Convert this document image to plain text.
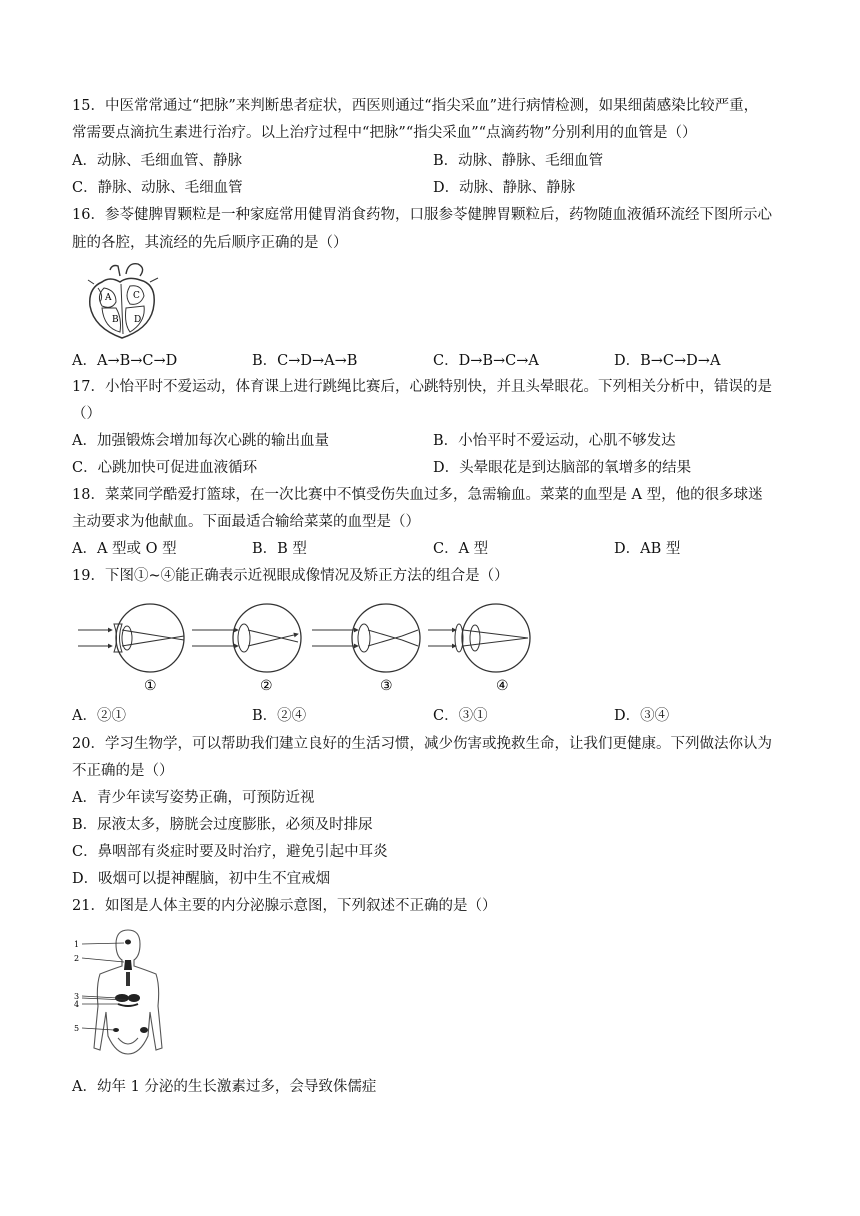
15．中医常常通过“把脉”来判断患者症状，西医则通过“指尖采血”进行病情检测，如果细菌感染比较严重，
常需要点滴抗生素进行治疗。以上治疗过程中“把脉”“指尖采血”“点滴药物”分别利用的血管是（）
A．动脉、毛细血管、静脉	B．动脉、静脉、毛细血管
C．静脉、动脉、毛细血管	D．动脉、静脉、静脉
16．参苓健脾胃颗粒是一种家庭常用健胃消食药物，口服参苓健脾胃颗粒后，药物随血液循环流经下图所示心
脏的各腔，其流经的先后顺序正确的是（）
A C
B D
A．A→B→C→D	B．C→D→A→B	C．D→B→C→A	D．B→C→D→A
17．小怡平时不爱运动，体育课上进行跳绳比赛后，心跳特别快，并且头晕眼花。下列相关分析中，错误的是
（）
A．加强锻炼会增加每次心跳的输出血量	B．小怡平时不爱运动，心肌不够发达
C．心跳加快可促进血液循环	D．头晕眼花是到达脑部的氧增多的结果
18．菜菜同学酷爱打篮球，在一次比赛中不慎受伤失血过多，急需输血。菜菜的血型是 A 型，他的很多球迷
主动要求为他献血。下面最适合输给菜菜的血型是（）
A．A 型或 O 型	B．B 型	C．A 型	D．AB 型
19．下图①~④能正确表示近视眼成像情况及矫正方法的组合是（）
①	②	③	④
A．②①	B．②④	C．③①	D．③④
20．学习生物学，可以帮助我们建立良好的生活习惯，减少伤害或挽救生命，让我们更健康。下列做法你认为
不正确的是（）
A．青少年读写姿势正确，可预防近视
B．尿液太多，膀胱会过度膨胀，必须及时排尿
C．鼻咽部有炎症时要及时治疗，避免引起中耳炎
D．吸烟可以提神醒脑，初中生不宜戒烟
21．如图是人体主要的内分泌腺示意图，下列叙述不正确的是（）
1
2
3
4
5
A．幼年 1 分泌的生长激素过多，会导致侏儒症
